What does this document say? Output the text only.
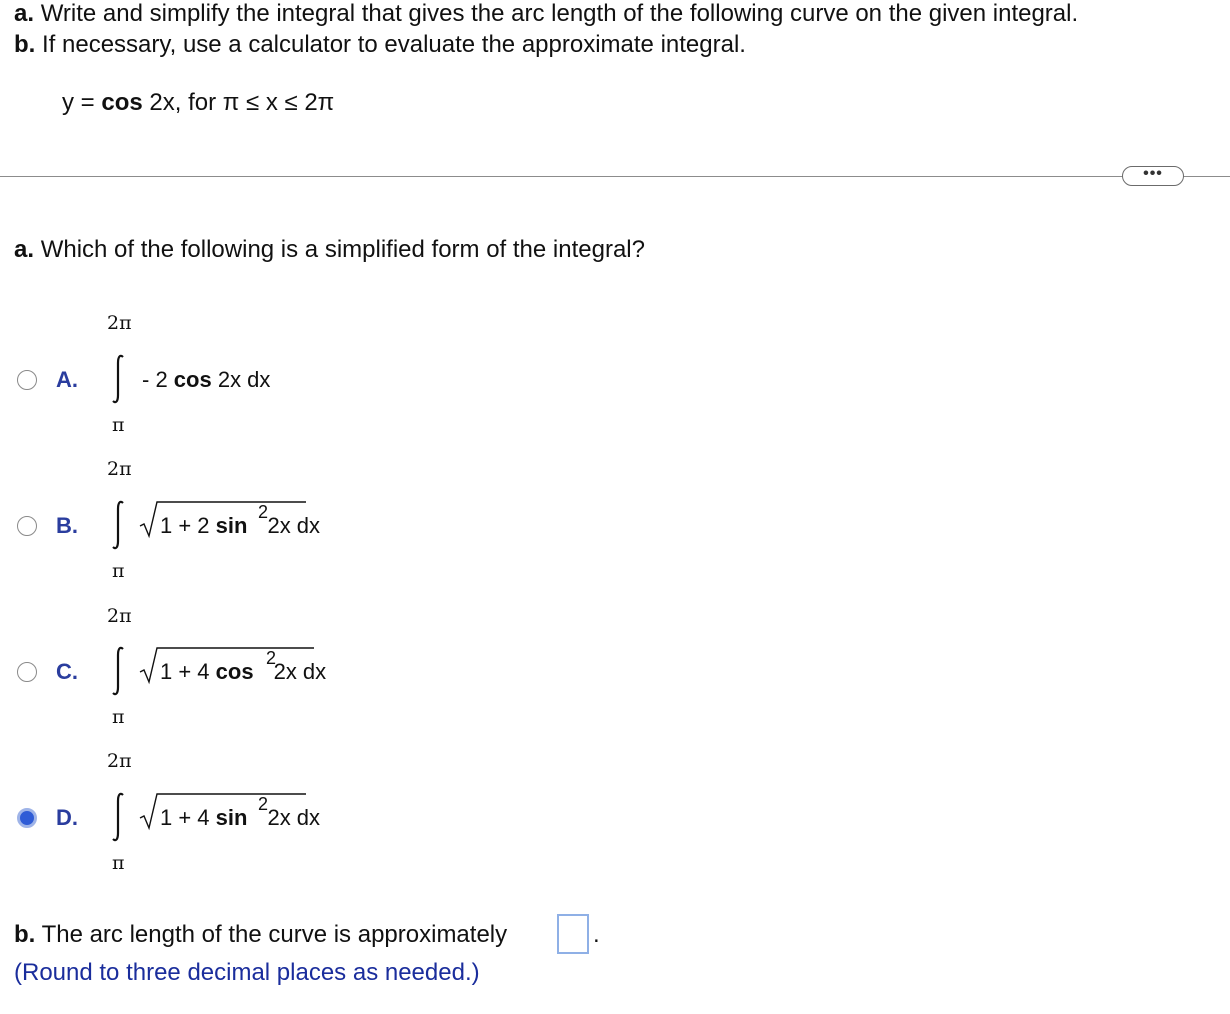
a. Write and simplify the integral that gives the arc length of the following curve on the given integral.
b. If necessary, use a calculator to evaluate the approximate integral.
y = cos 2x, for π ≤ x ≤ 2π
•••
a. Which of the following is a simplified form of the integral?
A.
2π
π
- 2 cos 2x dx
B.
2π
π
1 + 2 sin 2x dx
2
C.
2π
π
1 + 4 cos 2x dx
2
D.
2π
π
1 + 4 sin 2x dx
2
b. The arc length of the curve is approximately	.
(Round to three decimal places as needed.)
